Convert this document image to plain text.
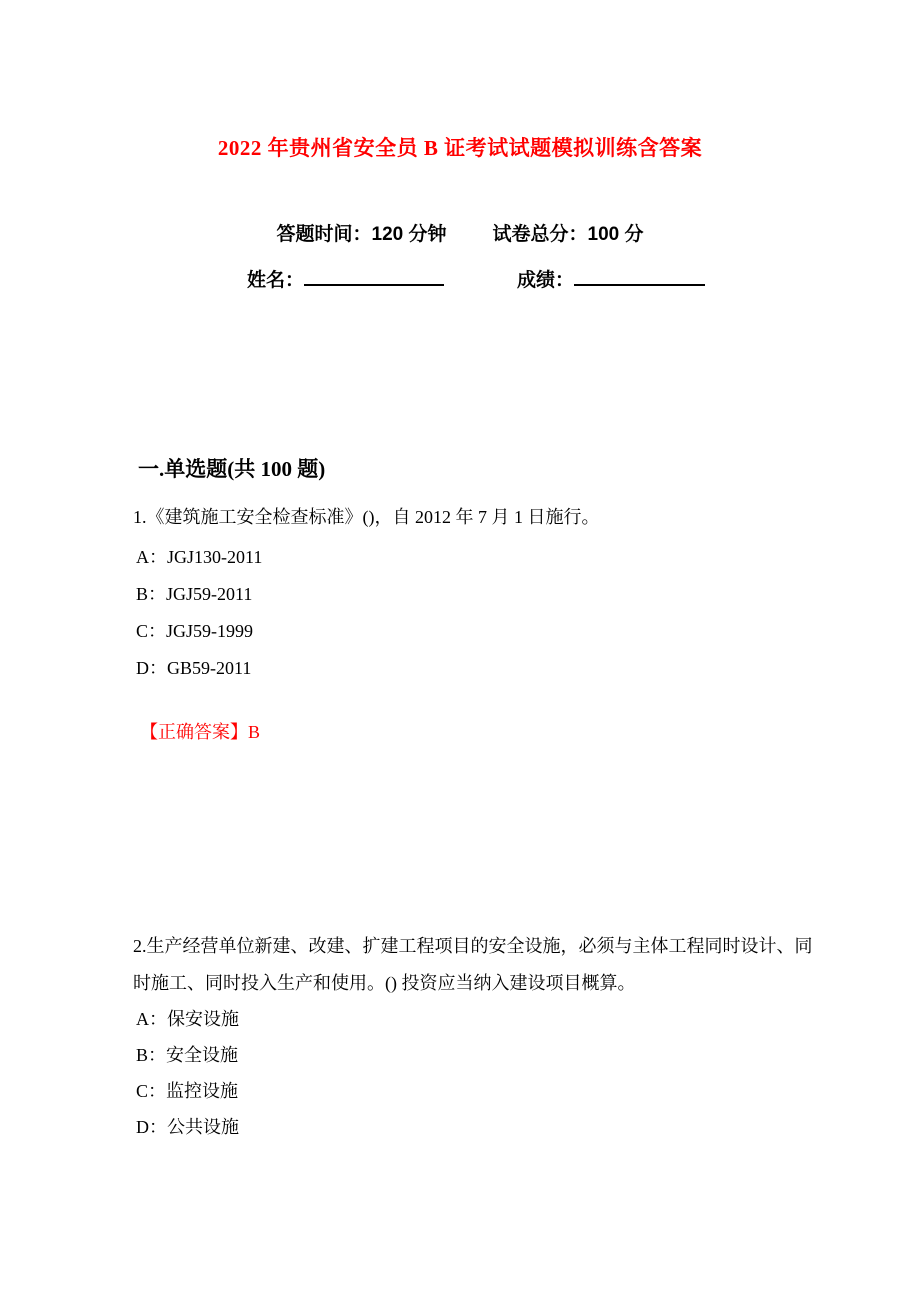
2022 年贵州省安全员 B 证考试试题模拟训练含答案
答题时间：120 分钟 试卷总分：100 分
姓名：	成绩：
一.单选题(共 100 题)

1.《建筑施工安全检查标准》()，自 2012 年 7 月 1 日施行。

A：JGJ130-2011

B：JGJ59-2011

C：JGJ59-1999

D：GB59-2011

【正确答案】B

2.生产经营单位新建、改建、扩建工程项目的安全设施，必须与主体工程同时设计、同时施工、同时投入生产和使用。() 投资应当纳入建设项目概算。

A：保安设施

B：安全设施

C：监控设施

D：公共设施
